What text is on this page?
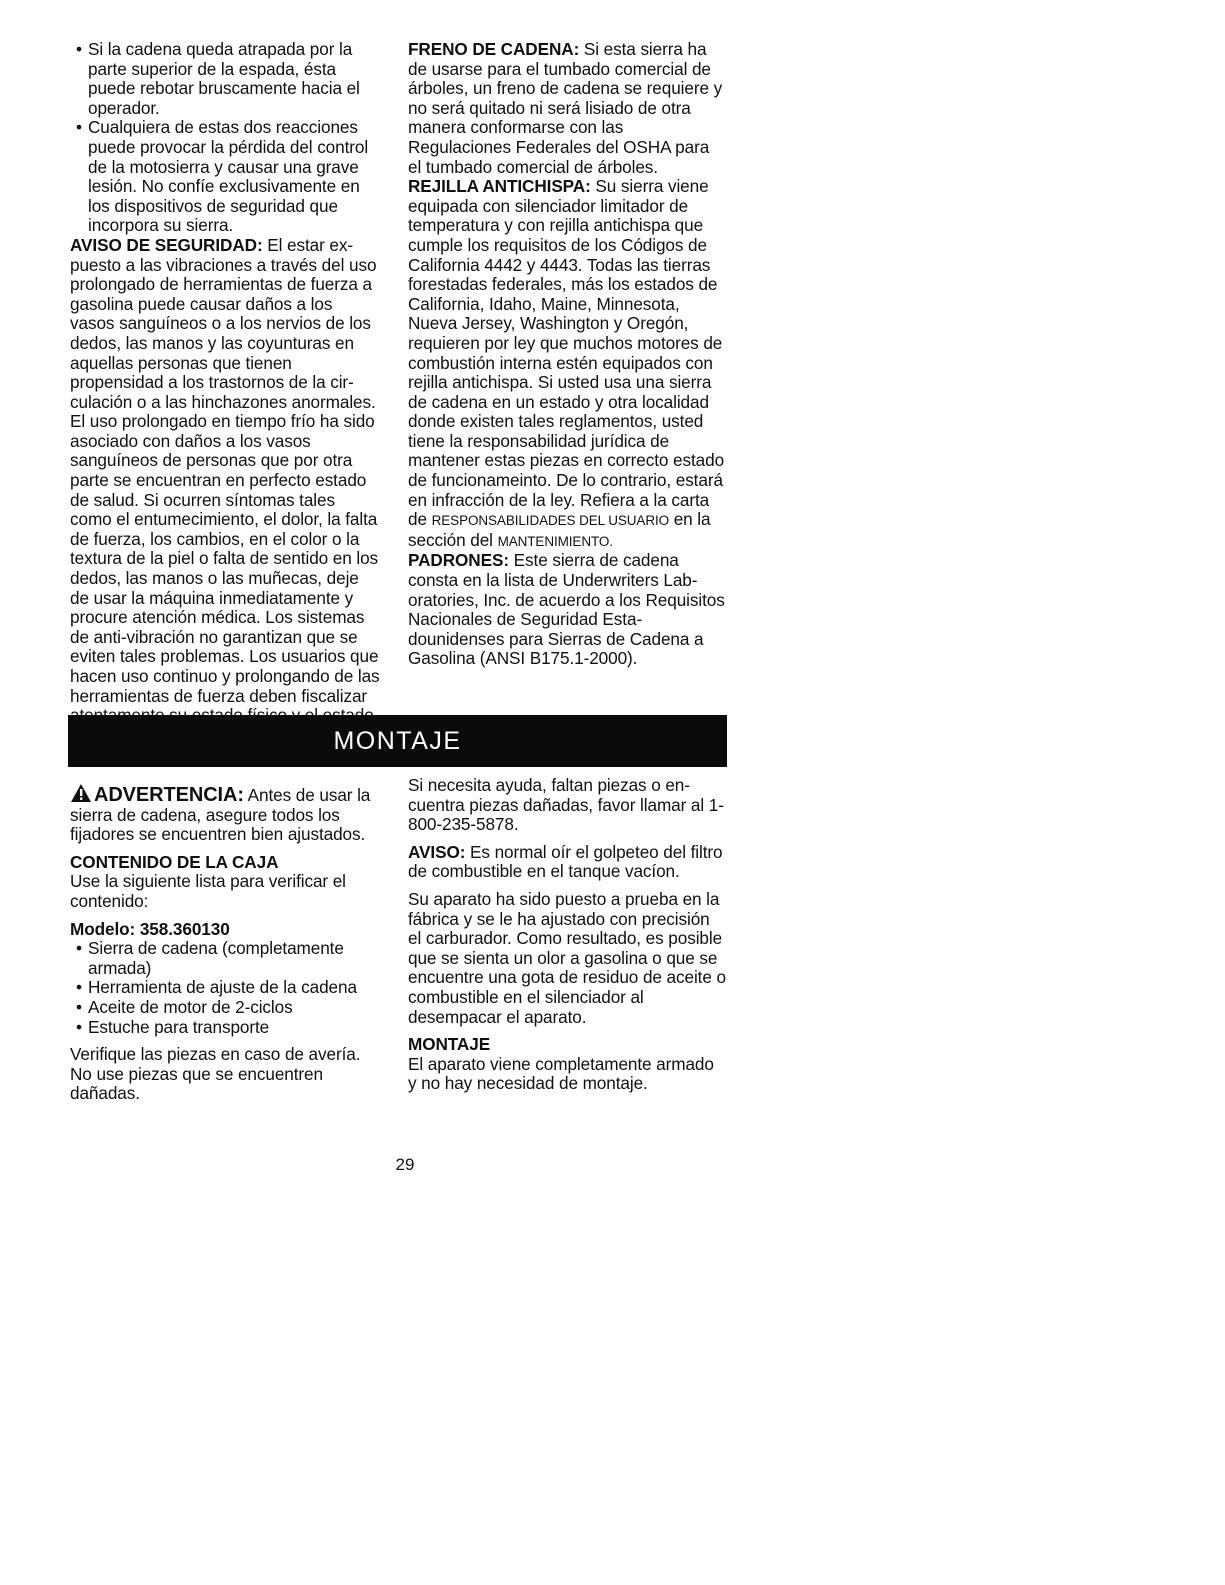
• Si la cadena queda atrapada por la parte superior de la espada, ésta puede rebotar bruscamente hacia el operador.
• Cualquiera de estas dos reacciones puede provocar la pérdida del control de la motosierra y causar una grave lesión. No confíe exclusivamente en los dispositivos de seguridad que incorpora su sierra.

AVISO DE SEGURIDAD: El estar expuesto a las vibraciones a través del uso prolongado de herramientas de fuerza a gasolina puede causar daños a los vasos sanguíneos o a los nervios de los dedos, las manos y las coyunturas en aquellas personas que tienen propensidad a los trastornos de la circulación o a las hinchazones anormales. El uso prolongado en tiempo frío ha sido asociado con daños a los vasos sanguíneos de personas que por otra parte se encuentran en perfecto estado de salud. Si ocurren síntomas tales como el entumecimiento, el dolor, la falta de fuerza, los cambios, en el color o la textura de la piel o falta de sentido en los dedos, las manos o las muñecas, deje de usar la máquina inmediatamente y procure atención médica. Los sistemas de anti-vibración no garantizan que se eviten tales problemas. Los usuarios que hacen uso continuo y prolongando de las herramientas de fuerza deben fiscalizar

FRENO DE CADENA: Si esta sierra ha de usarse para el tumbado comercial de árboles, un freno de cadena se requiere y no será quitado ni será lisiado de otra manera conformarse con las Regulaciones Federales del OSHA para el tumbado comercial de árboles.

REJILLA ANTICHISPA: Su sierra viene equipada con silenciador limitador de temperatura y con rejilla antichispa que cumple los requisitos de los Códigos de California 4442 y 4443. Todas las tierras forestadas federales, más los estados de California, Idaho, Maine, Minnesota, Nueva Jersey, Washington y Oregón, requieren por ley que muchos motores de combustión interna estén equipados con rejilla antichispa. Si usted usa una sierra de cadena en un estado y otra localidad donde existen tales reglamentos, usted tiene la responsabilidad jurídica de mantener estas piezas en correcto estado de funcionameinto. De lo contrario, estará en infracción de la ley. Refiera a la carta de RESPONSABILIDADES DEL USUARIO en la sección del MANTENIMIENTO.

PADRONES: Este sierra de cadena consta en la lista de Underwriters Laboratories, Inc. de acuerdo a los Requisitos Nacionales de Seguridad Estadounidenses para Sierras de Cadena a Gasolina (ANSI B175.1-2000).

MONTAJE

ADVERTENCIA: Antes de usar la sierra de cadena, asegure todos los fijadores se encuentren bien ajustados.

CONTENIDO DE LA CAJA

Use la siguiente lista para verificar el contenido:

Modelo: 358.360130

• Sierra de cadena (completamente armada)
• Herramienta de ajuste de la cadena
• Aceite de motor de 2-ciclos
• Estuche para transporte

Verifique las piezas en caso de avería. No use piezas que se encuentren dañadas.

Si necesita ayuda, faltan piezas o encuentra piezas dañadas, favor llamar al 1-800-235-5878.

AVISO: Es normal oír el golpeteo del filtro de combustible en el tanque vacíon.

Su aparato ha sido puesto a prueba en la fábrica y se le ha ajustado con precisión el carburador. Como resultado, es posible que se sienta un olor a gasolina o que se encuentre una gota de residuo de aceite o combustible en el silenciador al desempacar el aparato.

MONTAJE

El aparato viene completamente armado y no hay necesidad de montaje.

29
